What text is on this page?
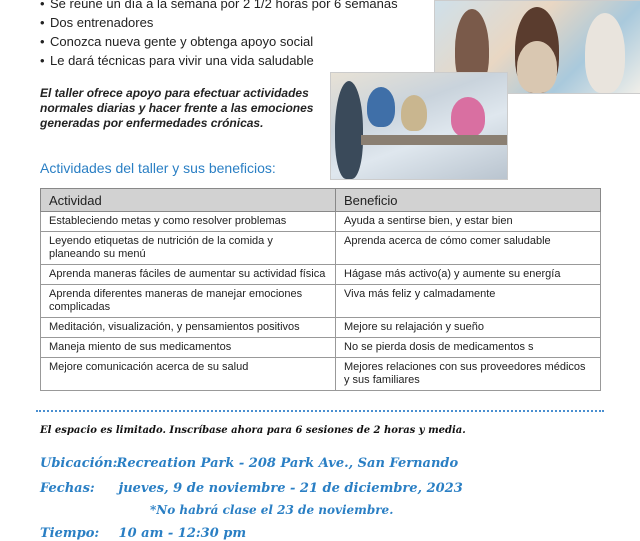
• Se reúne un día a la semana por 2 1/2 horas por 6 semanas
• Dos entrenadores
• Conozca nueva gente y obtenga apoyo social
• Le dará técnicas para vivir una vida saludable
El taller ofrece apoyo para efectuar actividades normales diarias y hacer frente a las emociones generadas por enfermedades crónicas.
Actividades del taller y sus beneficios:
Actividad	Beneficio
Estableciendo metas y como resolver problemas	Ayuda a sentirse bien, y estar bien
Leyendo etiquetas de nutrición de la comida y planeando su menú	Aprenda acerca de cómo comer saludable
Aprenda maneras fáciles de aumentar su actividad física	Hágase más activo(a) y aumente su energía
Aprenda diferentes maneras de manejar emociones complicadas	Viva más feliz y calmadamente
Meditación, visualización, y pensamientos positivos	Mejore su relajación y sueño
Maneja miento de sus medicamentos	No se pierda dosis de medicamentos s
Mejore comunicación acerca de su salud	Mejores relaciones con sus proveedores médicos y sus familiares
El espacio es limitado. Inscríbase ahora para 6 sesiones de 2 horas y media.
Ubicación: Recreation Park - 208 Park Ave., San Fernando
Fechas: jueves, 9 de noviembre - 21 de diciembre, 2023
*No habrá clase el 23 de noviembre.
Tiempo: 10 am - 12:30 pm
